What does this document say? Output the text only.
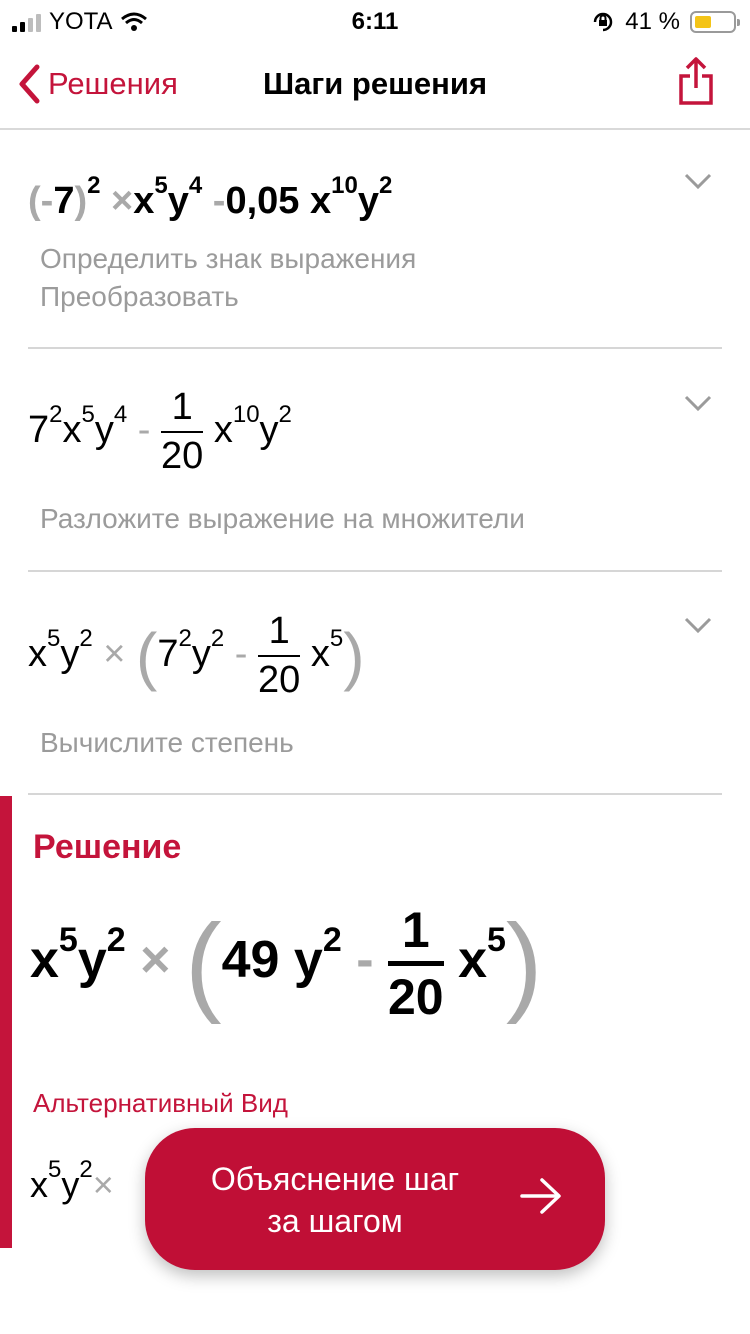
YOTA	6:11	41 %
Решения	Шаги решения
$(-7)^2 \times x^5y^4$ -0,05 $x^{10}y^2$
Определить знак выражения
Преобразовать
$7^2x^5y^4 - \frac{1}{20} x^{10}y^2$
Разложите выражение на множители
$x^5y^2 \times (7^2y^2 - \frac{1}{20} x^5)$
Вычислите степень
Решение
$x^5y^2 \times (49$ $y^2$ -
1
20
$x^5$)
Альтернативный Вид
$x^5y^2\times$	Объяснение шаг
за шагом
